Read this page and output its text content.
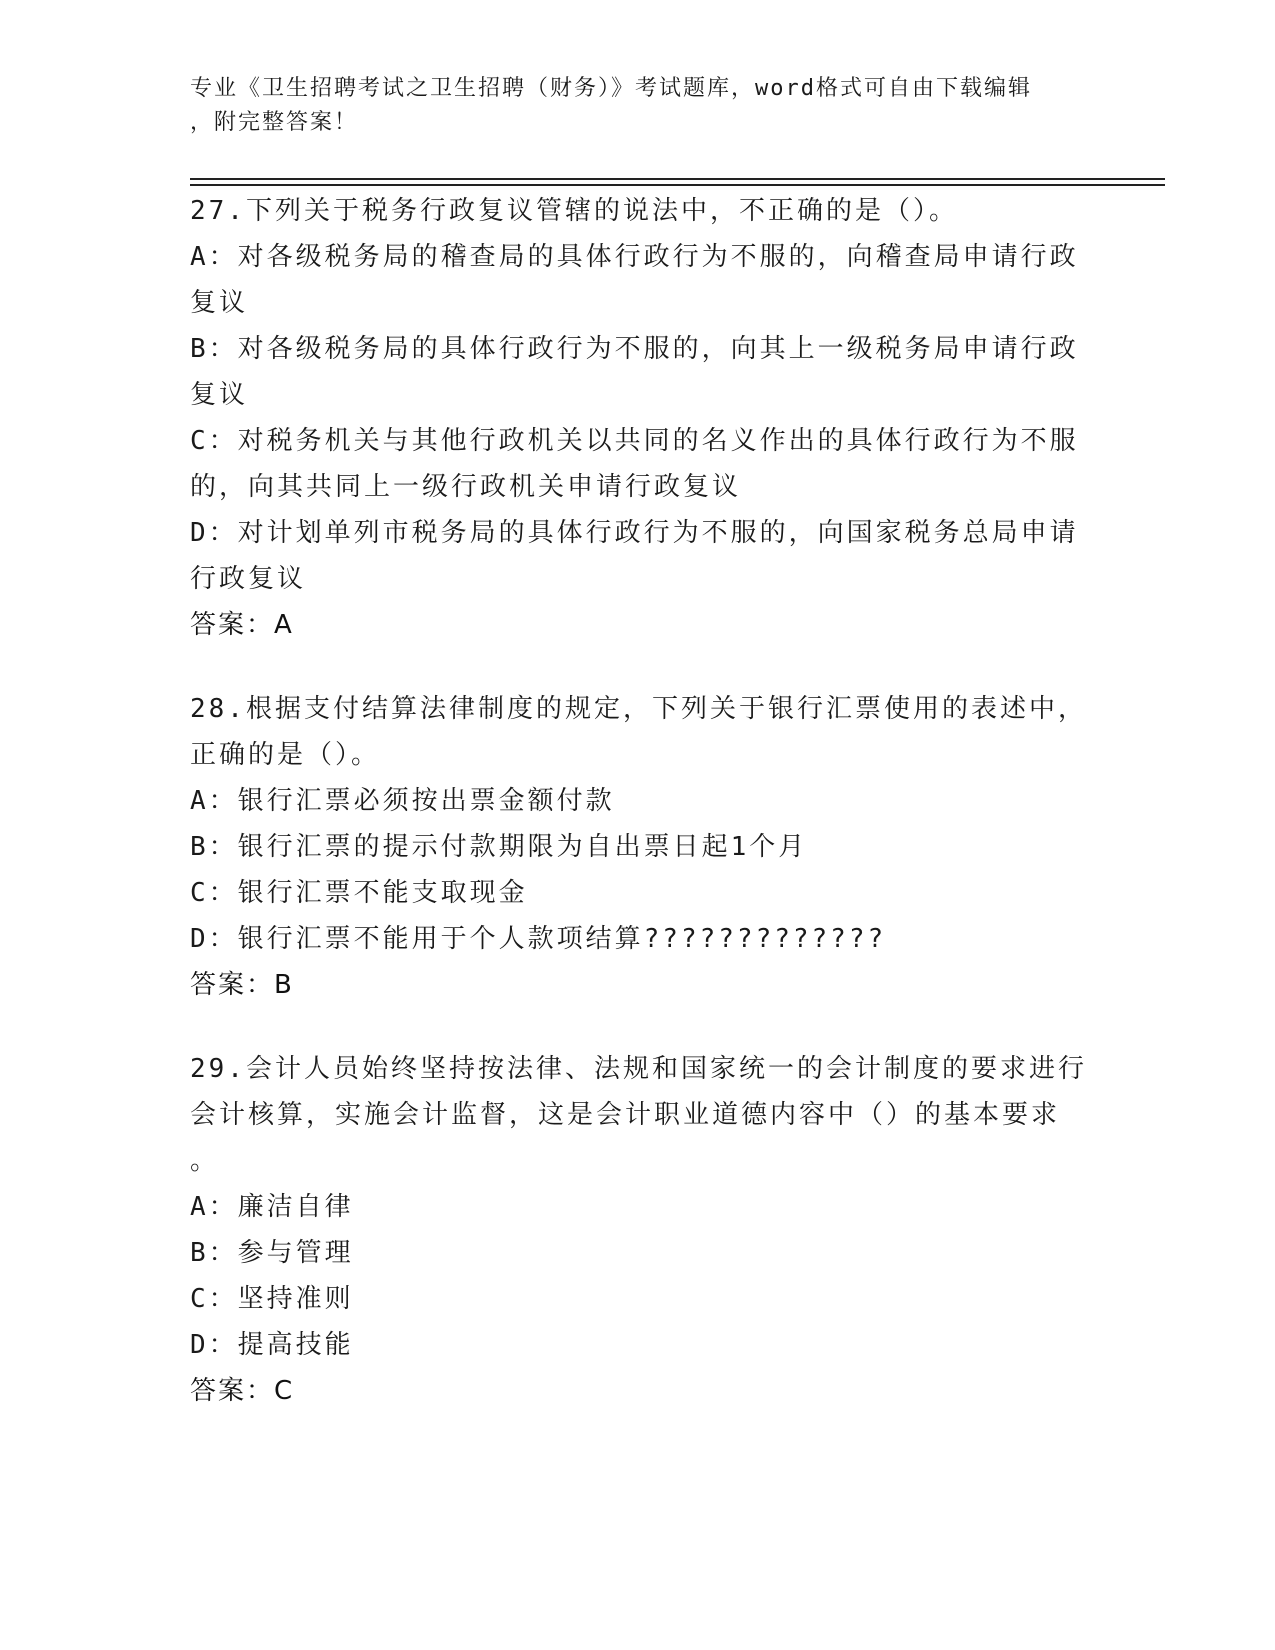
专业《卫生招聘考试之卫生招聘（财务）》考试题库，word格式可自由下载编辑
，附完整答案！

27.下列关于税务行政复议管辖的说法中，不正确的是（）。

A：对各级税务局的稽查局的具体行政行为不服的，向稽查局申请行政

复议

B：对各级税务局的具体行政行为不服的，向其上一级税务局申请行政

复议

C：对税务机关与其他行政机关以共同的名义作出的具体行政行为不服

的，向其共同上一级行政机关申请行政复议

D：对计划单列市税务局的具体行政行为不服的，向国家税务总局申请

行政复议

答案：A

28.根据支付结算法律制度的规定，下列关于银行汇票使用的表述中，

正确的是（）。

A：银行汇票必须按出票金额付款

B：银行汇票的提示付款期限为自出票日起1个月

C：银行汇票不能支取现金

D：银行汇票不能用于个人款项结算?????????????

答案：B

29.会计人员始终坚持按法律、法规和国家统一的会计制度的要求进行

会计核算，实施会计监督，这是会计职业道德内容中（）的基本要求

。

A：廉洁自律

B：参与管理

C：坚持准则

D：提高技能

答案：C
